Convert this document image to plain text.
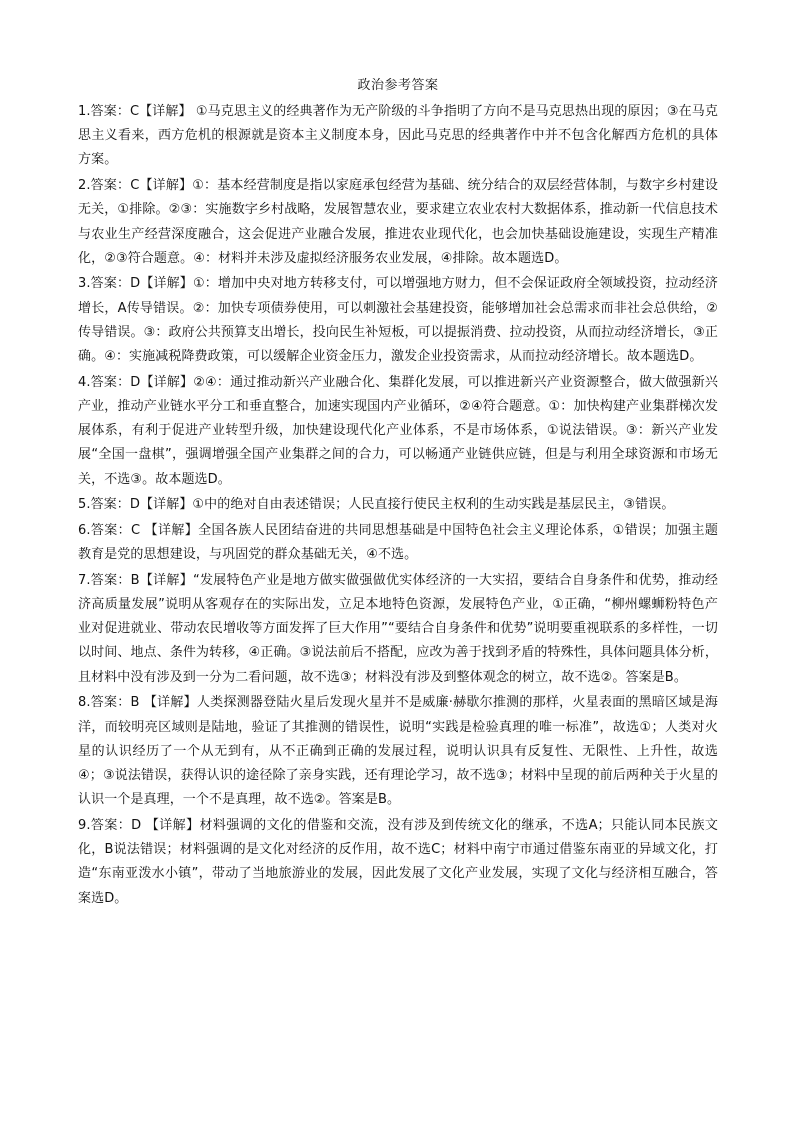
政治参考答案

1.答案：C【详解】 ①马克思主义的经典著作为无产阶级的斗争指明了方向不是马克思热出现的原因；③在马克思主义看来，西方危机的根源就是资本主义制度本身，因此马克思的经典著作中并不包含化解西方危机的具体方案。

2.答案：C【详解】①：基本经营制度是指以家庭承包经营为基础、统分结合的双层经营体制，与数字乡村建设无关，①排除。②③：实施数字乡村战略，发展智慧农业，要求建立农业农村大数据体系，推动新一代信息技术与农业生产经营深度融合，这会促进产业融合发展，推进农业现代化，也会加快基础设施建设，实现生产精准化，②③符合题意。④：材料并未涉及虚拟经济服务农业发展，④排除。故本题选D。

3.答案：D【详解】①：增加中央对地方转移支付，可以增强地方财力，但不会保证政府全领域投资，拉动经济增长，A传导错误。②：加快专项债券使用，可以刺激社会基建投资，能够增加社会总需求而非社会总供给，②传导错误。③：政府公共预算支出增长，投向民生补短板，可以提振消费、拉动投资，从而拉动经济增长，③正确。④：实施减税降费政策，可以缓解企业资金压力，激发企业投资需求，从而拉动经济增长。故本题选D。

4.答案：D【详解】②④：通过推动新兴产业融合化、集群化发展，可以推进新兴产业资源整合，做大做强新兴产业，推动产业链水平分工和垂直整合，加速实现国内产业循环，②④符合题意。①：加快构建产业集群梯次发展体系，有利于促进产业转型升级，加快建设现代化产业体系，不是市场体系，①说法错误。③：新兴产业发展“全国一盘棋”，强调增强全国产业集群之间的合力，可以畅通产业链供应链，但是与利用全球资源和市场无关，不选③。故本题选D。

5.答案：D【详解】①中的绝对自由表述错误；人民直接行使民主权利的生动实践是基层民主，③错误。

6.答案：C 【详解】全国各族人民团结奋进的共同思想基础是中国特色社会主义理论体系，①错误；加强主题教育是党的思想建设，与巩固党的群众基础无关，④不选。

7.答案：B【详解】“发展特色产业是地方做实做强做优实体经济的一大实招，要结合自身条件和优势，推动经济高质量发展”说明从客观存在的实际出发，立足本地特色资源，发展特色产业，①正确，“柳州螺蛳粉特色产业对促进就业、带动农民增收等方面发挥了巨大作用”“要结合自身条件和优势”说明要重视联系的多样性，一切以时间、地点、条件为转移，④正确。③说法前后不搭配，应改为善于找到矛盾的特殊性，具体问题具体分析，且材料中没有涉及到一分为二看问题，故不选③；材料没有涉及到整体观念的树立，故不选②。答案是B。

8.答案：B 【详解】人类探测器登陆火星后发现火星并不是威廉·赫歇尔推测的那样，火星表面的黑暗区域是海洋，而较明亮区域则是陆地，验证了其推测的错误性，说明“实践是检验真理的唯一标准”，故选①；人类对火星的认识经历了一个从无到有，从不正确到正确的发展过程，说明认识具有反复性、无限性、上升性，故选④；③说法错误，获得认识的途径除了亲身实践，还有理论学习，故不选③；材料中呈现的前后两种关于火星的认识一个是真理，一个不是真理，故不选②。答案是B。

9.答案：D 【详解】材料强调的文化的借鉴和交流，没有涉及到传统文化的继承，不选A；只能认同本民族文化，B说法错误；材料强调的是文化对经济的反作用，故不选C；材料中南宁市通过借鉴东南亚的异域文化，打造“东南亚泼水小镇”，带动了当地旅游业的发展，因此发展了文化产业发展，实现了文化与经济相互融合，答案选D。
